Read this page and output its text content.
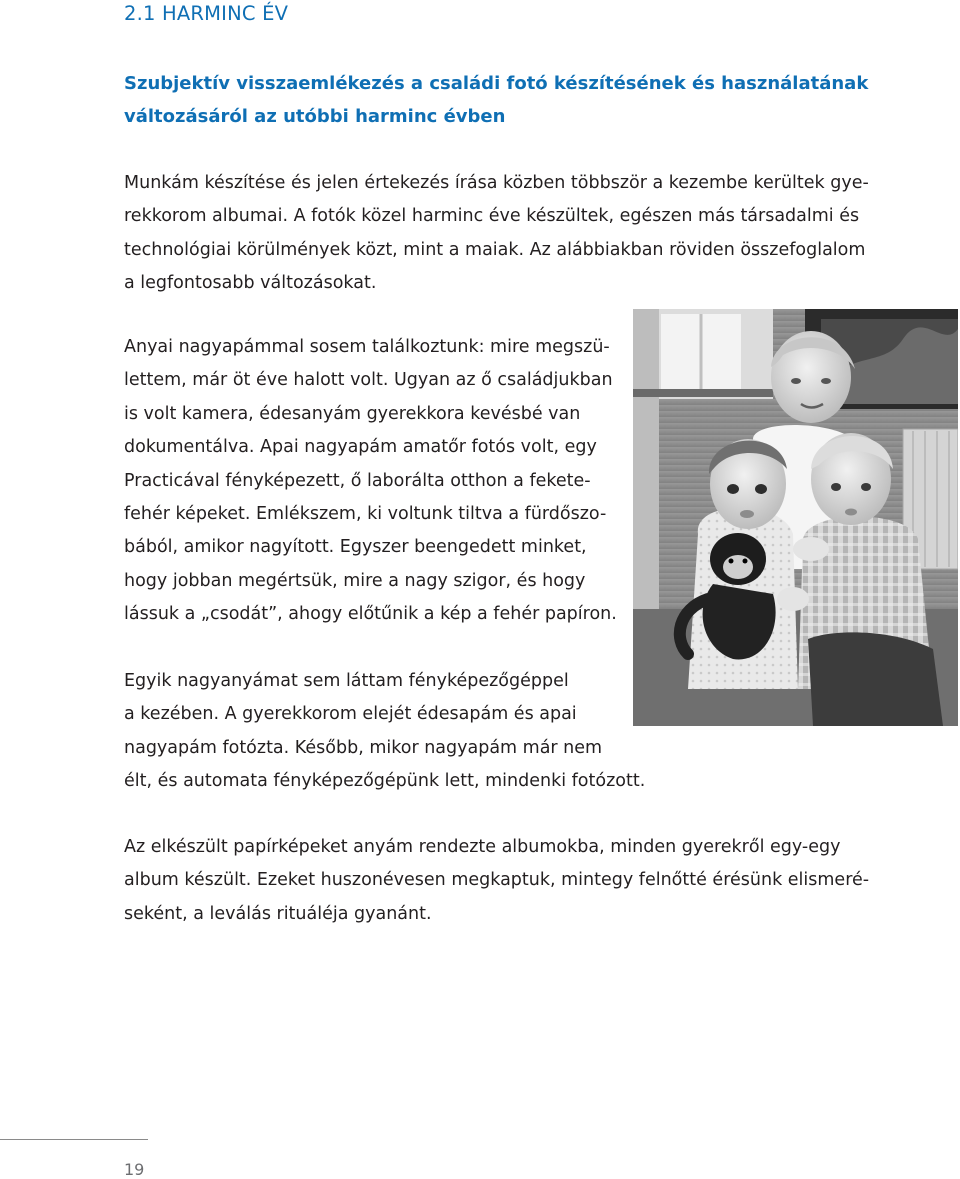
2.1 HARMINC ÉV
Szubjektív visszaemlékezés a családi fotó készítésének és használatának
változásáról az utóbbi harminc évben

Munkám készítése és jelen értekezés írása közben többször a kezembe kerültek gye-
rekkorom albumai. A fotók közel harminc éve készültek, egészen más társadalmi és
technológiai körülmények közt, mint a maiak. Az alábbiakban röviden összefoglalom
a legfontosabb változásokat.

Anyai nagyapámmal sosem találkoztunk: mire megszü-
lettem, már öt éve halott volt. Ugyan az ő családjukban
is volt kamera, édesanyám gyerekkora kevésbé van
dokumentálva. Apai nagyapám amatőr fotós volt, egy
Practicával fényképezett, ő laborálta otthon a fekete-
fehér képeket. Emlékszem, ki voltunk tiltva a fürdőszo-
bából, amikor nagyított. Egyszer beengedett minket,
hogy jobban megértsük, mire a nagy szigor, és hogy
lássuk a „csodát”, ahogy előtűnik a kép a fehér papíron.

Egyik nagyanyámat sem láttam fényképezőgéppel
a kezében. A gyerekkorom elejét édesapám és apai
nagyapám fotózta. Később, mikor nagyapám már nem
élt, és automata fényképezőgépünk lett, mindenki fotózott.

Az elkészült papírképeket anyám rendezte albumokba, minden gyerekről egy-egy
album készült. Ezeket huszonévesen megkaptuk, mintegy felnőtté érésünk elismeré-
seként, a leválás rituáléja gyanánt.

19
